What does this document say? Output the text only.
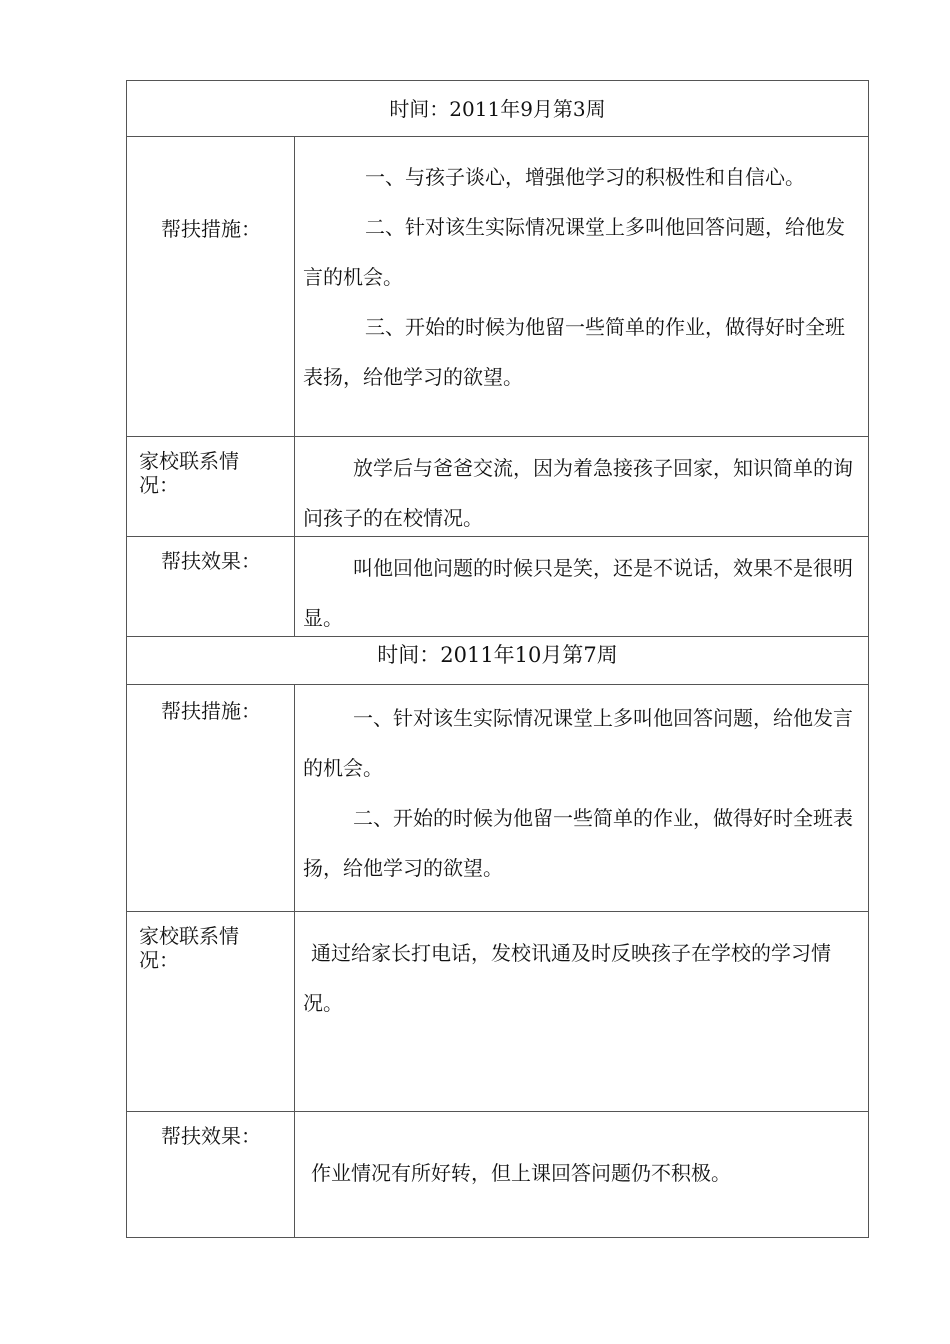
时间：2011年9月第3周
帮扶措施：

一、与孩子谈心，增强他学习的积极性和自信心。

二、针对该生实际情况课堂上多叫他回答问题，给他发言的机会。

三、开始的时候为他留一些简单的作业，做得好时全班表扬，给他学习的欲望。

家校联系情况：

放学后与爸爸交流，因为着急接孩子回家，知识简单的询问孩子的在校情况。

帮扶效果：	叫他回他问题的时候只是笑，还是不说话，效果不是很明显。

时间：2011年10月第7周
帮扶措施：	一、针对该生实际情况课堂上多叫他回答问题，给他发言的机会。

二、开始的时候为他留一些简单的作业，做得好时全班表扬，给他学习的欲望。

家校联系情况：	通过给家长打电话，发校讯通及时反映孩子在学校的学习情况。

帮扶效果：

作业情况有所好转，但上课回答问题仍不积极。
